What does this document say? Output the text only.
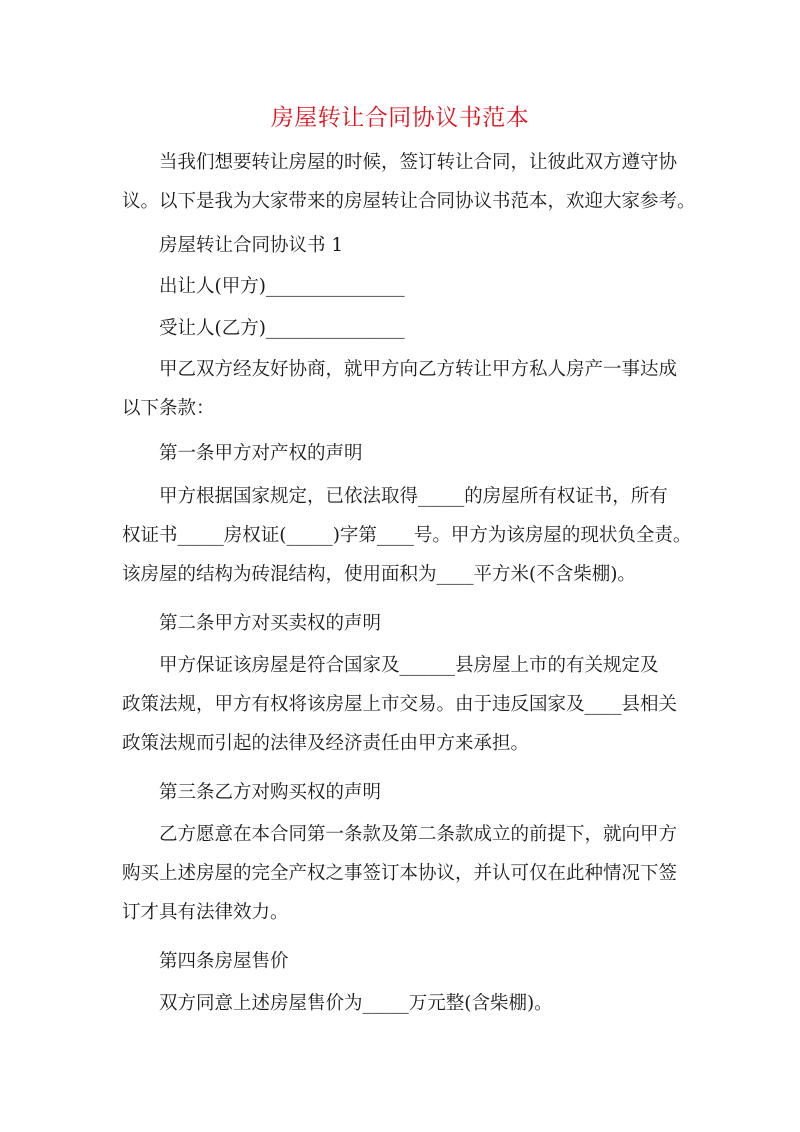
房屋转让合同协议书范本
当我们想要转让房屋的时候，签订转让合同，让彼此双方遵守协
议。以下是我为大家带来的房屋转让合同协议书范本，欢迎大家参考。
房屋转让合同协议书 1
出让人(甲方)_______________
受让人(乙方)_______________
甲乙双方经友好协商，就甲方向乙方转让甲方私人房产一事达成
以下条款：
第一条甲方对产权的声明
甲方根据国家规定，已依法取得_____的房屋所有权证书，所有
权证书_____房权证(_____)字第____号。甲方为该房屋的现状负全责。
该房屋的结构为砖混结构，使用面积为____平方米(不含柴棚)。
第二条甲方对买卖权的声明
甲方保证该房屋是符合国家及______县房屋上市的有关规定及
政策法规，甲方有权将该房屋上市交易。由于违反国家及____县相关
政策法规而引起的法律及经济责任由甲方来承担。
第三条乙方对购买权的声明
乙方愿意在本合同第一条款及第二条款成立的前提下，就向甲方
购买上述房屋的完全产权之事签订本协议，并认可仅在此种情况下签
订才具有法律效力。
第四条房屋售价
双方同意上述房屋售价为_____万元整(含柴棚)。
